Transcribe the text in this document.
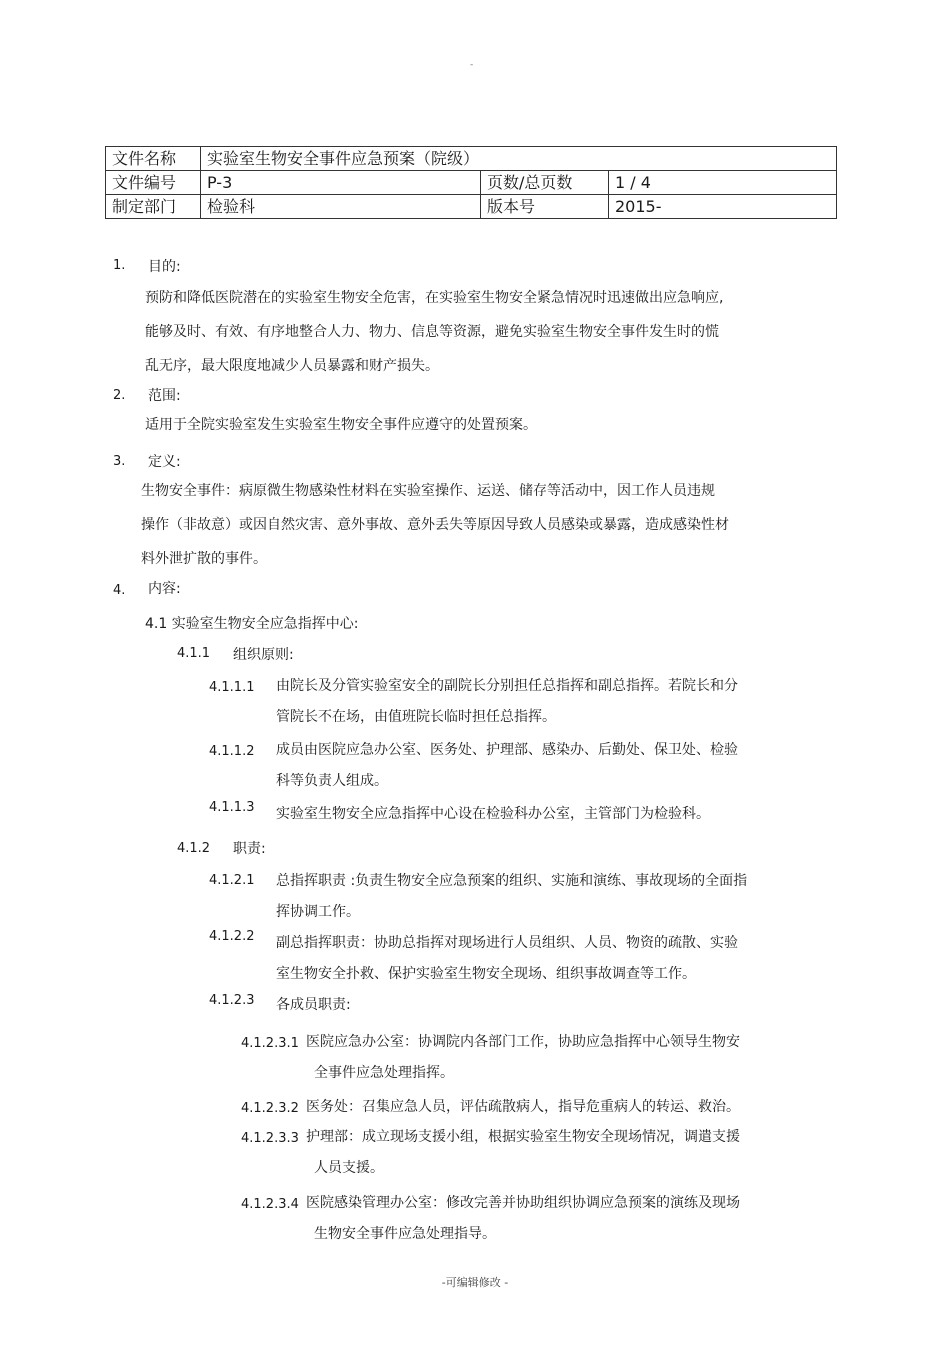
-
文件名称	实验室生物安全事件应急预案（院级）		
文件编号	P-3	页数/总页数	1 / 4
制定部门	检验科	版本号	2015-
1. 目的:
预防和降低医院潜在的实验室生物安全危害，在实验室生物安全紧急情况时迅速做出应急响应,
能够及时、有效、有序地整合人力、物力、信息等资源，避免实验室生物安全事件发生时的慌
乱无序，最大限度地减少人员暴露和财产损失。
2. 范围:
适用于全院实验室发生实验室生物安全事件应遵守的处置预案。
3. 定义:
生物安全事件：病原微生物感染性材料在实验室操作、运送、储存等活动中，因工作人员违规
操作（非故意）或因自然灾害、意外事故、意外丢失等原因导致人员感染或暴露，造成感染性材
料外泄扩散的事件。
4. 内容:
4.1 实验室生物安全应急指挥中心:
4.1.1 组织原则:
4.1.1.1 由院长及分管实验室安全的副院长分别担任总指挥和副总指挥。若院长和分
管院长不在场，由值班院长临时担任总指挥。
4.1.1.2 成员由医院应急办公室、医务处、护理部、感染办、后勤处、保卫处、检验
科等负责人组成。
4.1.1.3 实验室生物安全应急指挥中心设在检验科办公室，主管部门为检验科。
4.1.2 职责:
4.1.2.1 总指挥职责 :负责生物安全应急预案的组织、实施和演练、事故现场的全面指
挥协调工作。
4.1.2.2 副总指挥职责：协助总指挥对现场进行人员组织、人员、物资的疏散、实验
室生物安全扑救、保护实验室生物安全现场、组织事故调查等工作。
4.1.2.3 各成员职责:
4.1.2.3.1 医院应急办公室：协调院内各部门工作，协助应急指挥中心领导生物安
全事件应急处理指挥。
4.1.2.3.2 医务处：召集应急人员，评估疏散病人，指导危重病人的转运、救治。
4.1.2.3.3 护理部：成立现场支援小组，根据实验室生物安全现场情况，调遣支援
人员支援。
4.1.2.3.4 医院感染管理办公室：修改完善并协助组织协调应急预案的演练及现场
生物安全事件应急处理指导。
-可编辑修改 -
